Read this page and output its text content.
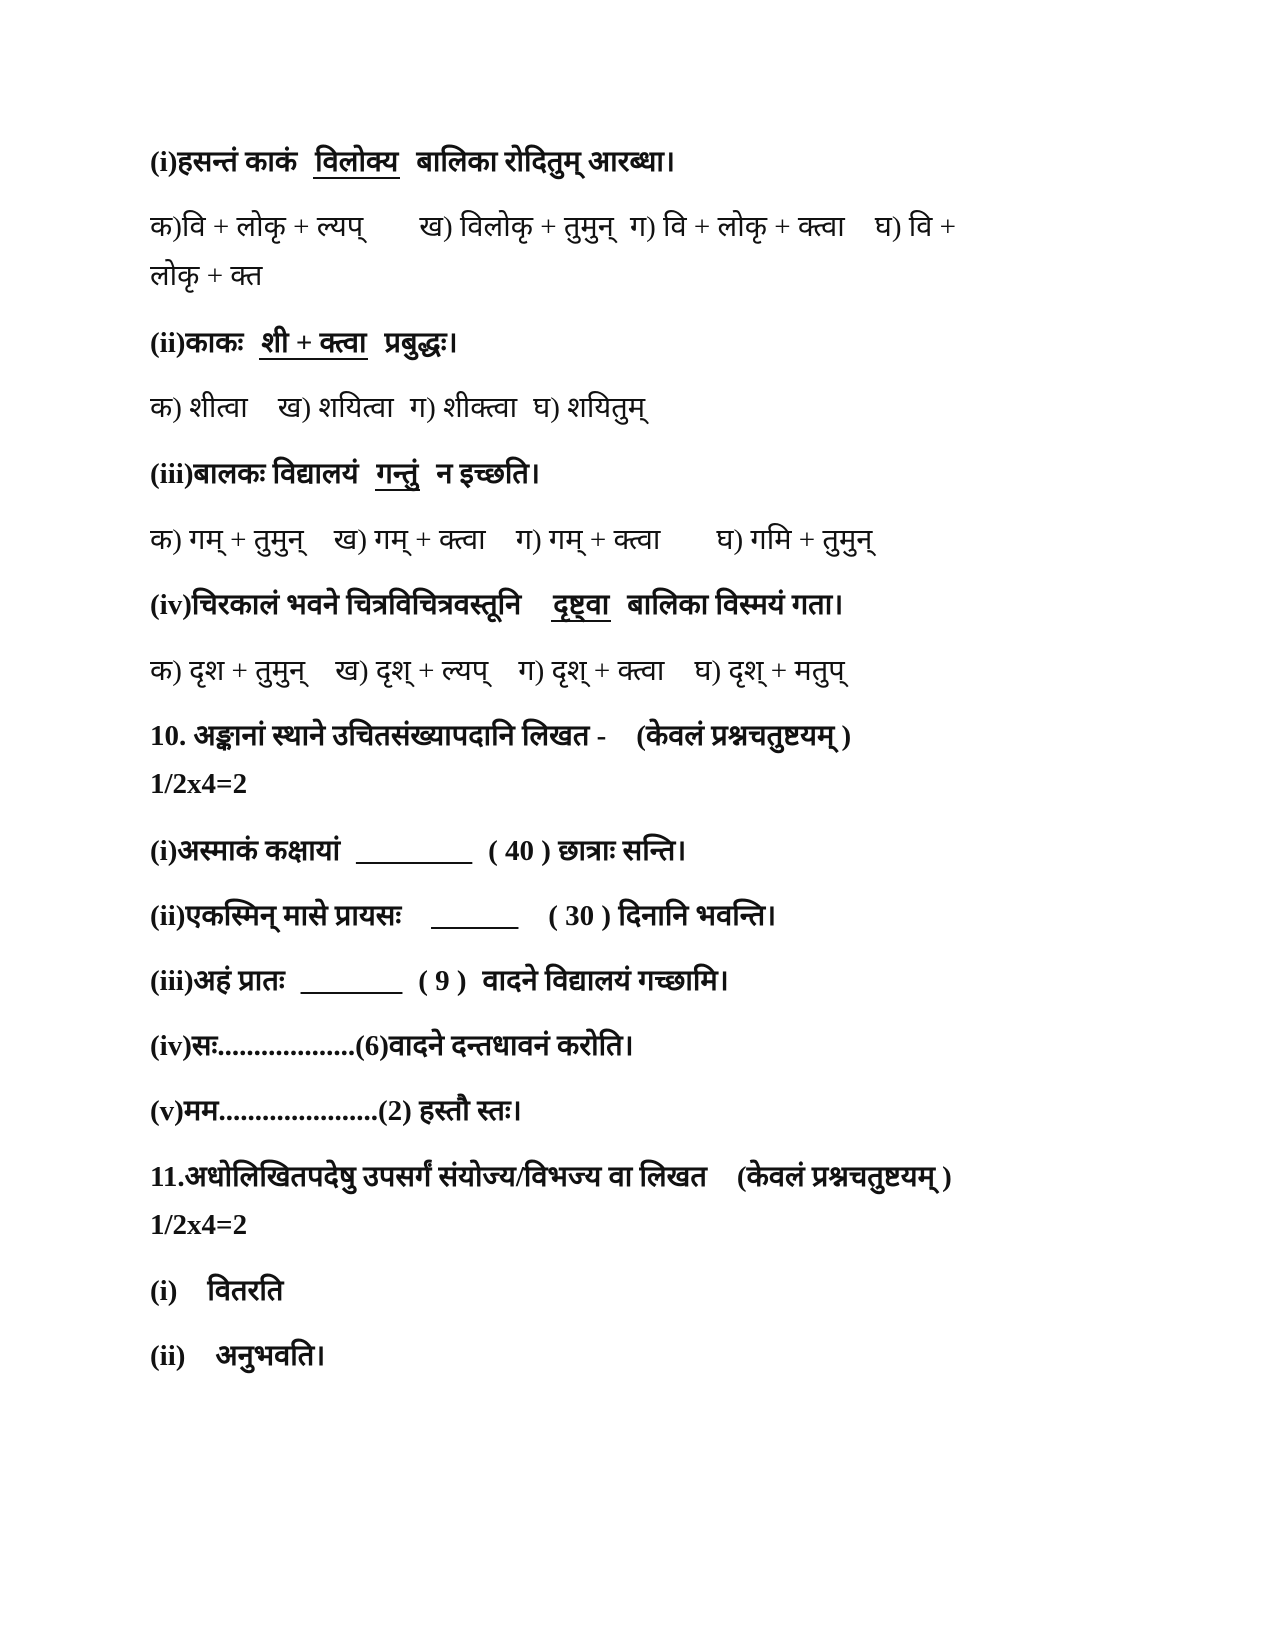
(i)हसन्तं काकं विलोक्य बालिका रोदितुम् आरब्धा।
क)वि + लोकृ + ल्यप् ख) विलोकृ + तुमुन् ग) वि + लोकृ + क्त्वा घ) वि +
लोकृ + क्त
(ii)काकः शी + क्त्वा प्रबुद्धः।
क) शीत्वा ख) शयित्वा ग) शीक्त्वा घ) शयितुम्
(iii)बालकः विद्यालयं गन्तुं न इच्छति।
क) गम् + तुमुन् ख) गम् + क्त्वा ग) गम् + क्त्वा घ) गमि + तुमुन्
(iv)चिरकालं भवने चित्रविचित्रवस्तूनि दृष्ट्वा बालिका विस्मयं गता।
क) दृश + तुमुन् ख) दृश् + ल्यप् ग) दृश् + क्त्वा घ) दृश् + मतुप्
10. अङ्कानां स्थाने उचितसंख्यापदानि लिखत - (केवलं प्रश्नचतुष्टयम् )
1/2x4=2
(i)अस्माकं कक्षायां ________ ( 40 ) छात्राः सन्ति।
(ii)एकस्मिन् मासे प्रायसः ______ ( 30 ) दिनानि भवन्ति।
(iii)अहं प्रातः _______ ( 9 ) वादने विद्यालयं गच्छामि।
(iv)सः...................(6)वादने दन्तधावनं करोति।
(v)मम......................(2) हस्तौ स्तः।
11.अधोलिखितपदेषु उपसर्गं संयोज्य/विभज्य वा लिखत (केवलं प्रश्नचतुष्टयम् )
1/2x4=2
(i) वितरति
(ii) अनुभवति।
